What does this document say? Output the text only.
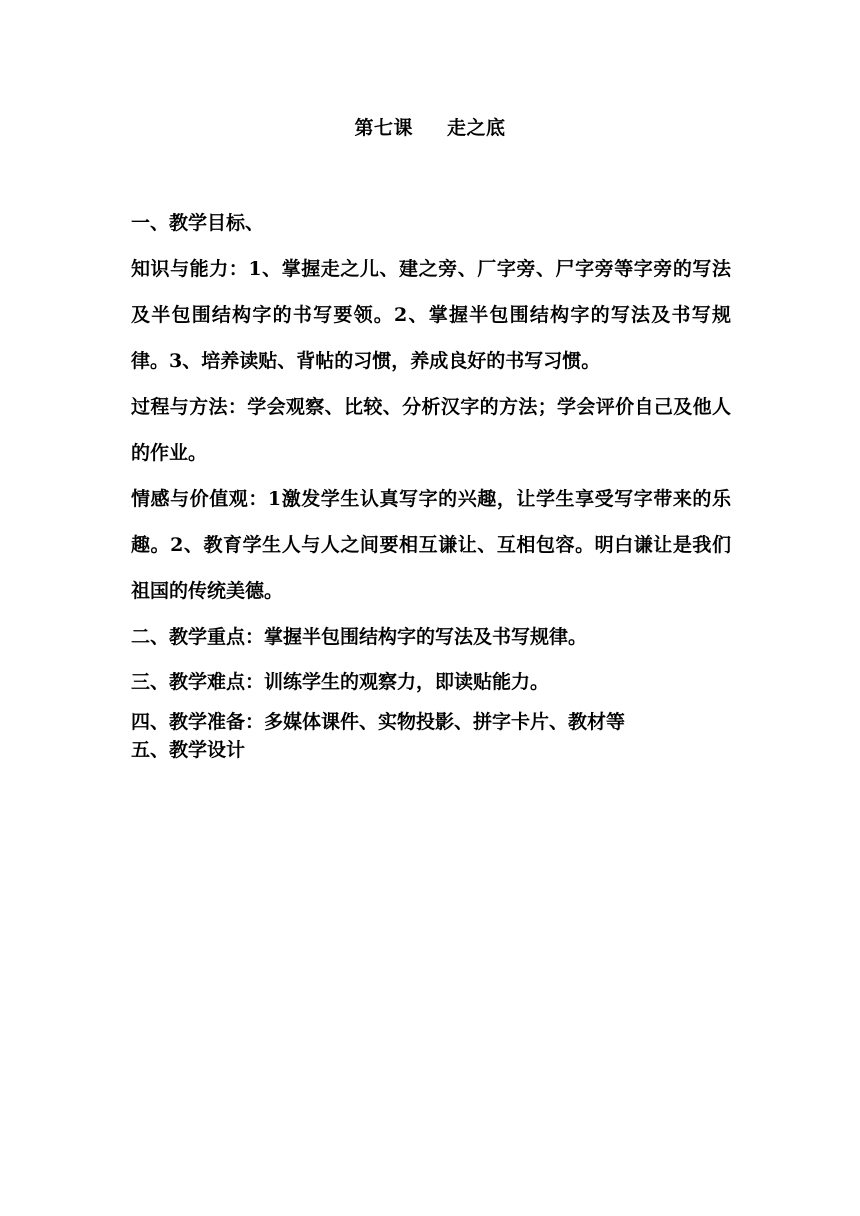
第七课 走之底

一、教学目标、

知识与能力：1、掌握走之儿、建之旁、厂字旁、尸字旁等字旁的写法及半包围结构字的书写要领。2、掌握半包围结构字的写法及书写规律。3、培养读贴、背帖的习惯，养成良好的书写习惯。

过程与方法：学会观察、比较、分析汉字的方法；学会评价自己及他人的作业。

情感与价值观：1激发学生认真写字的兴趣，让学生享受写字带来的乐趣。2、教育学生人与人之间要相互谦让、互相包容。明白谦让是我们祖国的传统美德。

二、教学重点：掌握半包围结构字的写法及书写规律。

三、教学难点：训练学生的观察力，即读贴能力。

四、教学准备：多媒体课件、实物投影、拼字卡片、教材等

五、教学设计
